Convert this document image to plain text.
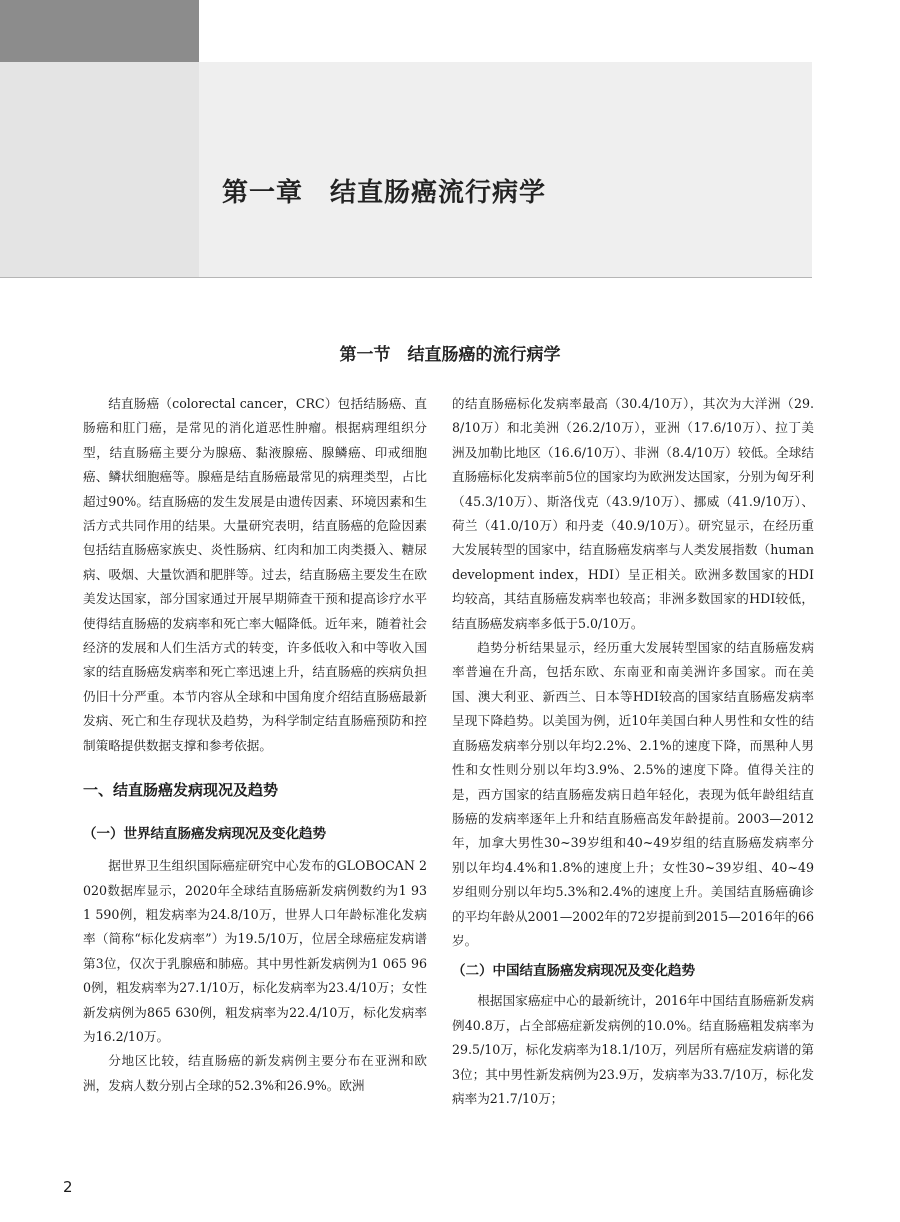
第一章　结直肠癌流行病学
第一节　结直肠癌的流行病学

结直肠癌（colorectal cancer，CRC）包括结肠癌、直肠癌和肛门癌，是常见的消化道恶性肿瘤。根据病理组织分型，结直肠癌主要分为腺癌、黏液腺癌、腺鳞癌、印戒细胞癌、鳞状细胞癌等。腺癌是结直肠癌最常见的病理类型，占比超过90%。结直肠癌的发生发展是由遗传因素、环境因素和生活方式共同作用的结果。大量研究表明，结直肠癌的危险因素包括结直肠癌家族史、炎性肠病、红肉和加工肉类摄入、糖尿病、吸烟、大量饮酒和肥胖等。过去，结直肠癌主要发生在欧美发达国家，部分国家通过开展早期筛查干预和提高诊疗水平使得结直肠癌的发病率和死亡率大幅降低。近年来，随着社会经济的发展和人们生活方式的转变，许多低收入和中等收入国家的结直肠癌发病率和死亡率迅速上升，结直肠癌的疾病负担仍旧十分严重。本节内容从全球和中国角度介绍结直肠癌最新发病、死亡和生存现状及趋势，为科学制定结直肠癌预防和控制策略提供数据支撑和参考依据。

一、结直肠癌发病现况及趋势
（一）世界结直肠癌发病现况及变化趋势

据世界卫生组织国际癌症研究中心发布的GLOBOCAN 2020数据库显示，2020年全球结直肠癌新发病例数约为1 931 590例，粗发病率为24.8/10万，世界人口年龄标准化发病率（简称“标化发病率”）为19.5/10万，位居全球癌症发病谱第3位，仅次于乳腺癌和肺癌。其中男性新发病例为1 065 960例，粗发病率为27.1/10万，标化发病率为23.4/10万；女性新发病例为865 630例，粗发病率为22.4/10万，标化发病率为16.2/10万。

分地区比较，结直肠癌的新发病例主要分布在亚洲和欧洲，发病人数分别占全球的52.3%和26.9%。欧洲

的结直肠癌标化发病率最高（30.4/10万），其次为大洋洲（29.8/10万）和北美洲（26.2/10万），亚洲（17.6/10万）、拉丁美洲及加勒比地区（16.6/10万）、非洲（8.4/10万）较低。全球结直肠癌标化发病率前5位的国家均为欧洲发达国家，分别为匈牙利（45.3/10万）、斯洛伐克（43.9/10万）、挪威（41.9/10万）、荷兰（41.0/10万）和丹麦（40.9/10万）。研究显示，在经历重大发展转型的国家中，结直肠癌发病率与人类发展指数（human development index，HDI）呈正相关。欧洲多数国家的HDI均较高，其结直肠癌发病率也较高；非洲多数国家的HDI较低，结直肠癌发病率多低于5.0/10万。

趋势分析结果显示，经历重大发展转型国家的结直肠癌发病率普遍在升高，包括东欧、东南亚和南美洲许多国家。而在美国、澳大利亚、新西兰、日本等HDI较高的国家结直肠癌发病率呈现下降趋势。以美国为例，近10年美国白种人男性和女性的结直肠癌发病率分别以年均2.2%、2.1%的速度下降，而黑种人男性和女性则分别以年均3.9%、2.5%的速度下降。值得关注的是，西方国家的结直肠癌发病日趋年轻化，表现为低年龄组结直肠癌的发病率逐年上升和结直肠癌高发年龄提前。2003—2012年，加拿大男性30~39岁组和40~49岁组的结直肠癌发病率分别以年均4.4%和1.8%的速度上升；女性30~39岁组、40~49岁组则分别以年均5.3%和2.4%的速度上升。美国结直肠癌确诊的平均年龄从2001—2002年的72岁提前到2015—2016年的66岁。

（二）中国结直肠癌发病现况及变化趋势

根据国家癌症中心的最新统计，2016年中国结直肠癌新发病例40.8万，占全部癌症新发病例的10.0%。结直肠癌粗发病率为29.5/10万，标化发病率为18.1/10万，列居所有癌症发病谱的第3位；其中男性新发病例为23.9万，发病率为33.7/10万，标化发病率为21.7/10万；

2
